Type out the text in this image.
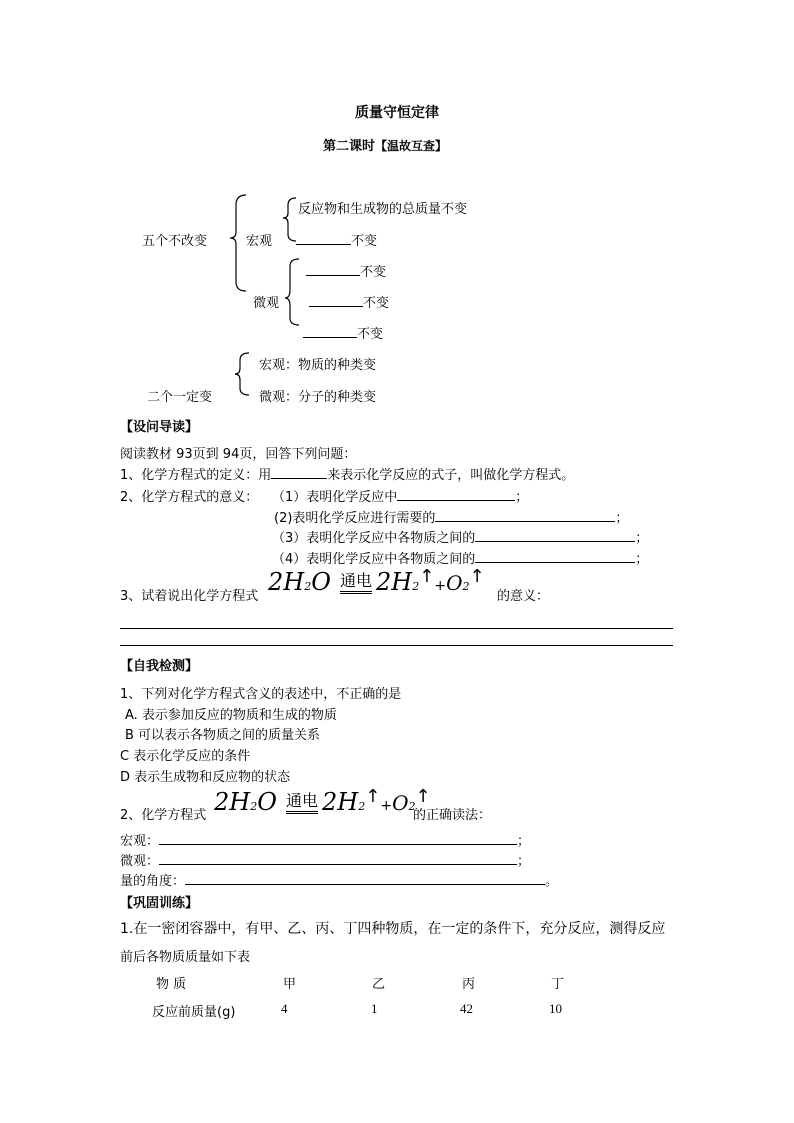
质量守恒定律
第二课时【温故互查】
五个不改变	宏观
反应物和生成物的总质量不变
不变
微观
不变
不变
不变
二个一定变
宏观：物质的种类变
微观：分子的种类变
【设问导读】
阅读教材 93页到 94页，回答下列问题：
1、化学方程式的定义：用	来表示化学反应的式子，叫做化学方程式。
2、化学方程式的意义： （1）表明化学反应中	；
(2)表明化学反应进行需要的	；
（3）表明化学反应中各物质之间的	；
（4）表明化学反应中各物质之间的	；
3、试着说出化学方程式
2H2O 通电 2H2↑+O2↑
的意义：
【自我检测】
1、下列对化学方程式含义的表述中，不正确的是
A. 表示参加反应的物质和生成的物质
B 可以表示各物质之间的质量关系
C 表示化学反应的条件
D 表示生成物和反应物的状态
2、化学方程式 2H2O 通电 2H2↑+O2↑
的正确读法：
宏观：	；
微观：	；
量的角度：	。
【巩固训练】
1.在一密闭容器中，有甲、乙、丙、丁四种物质，在一定的条件下，充分反应，测得反应
前后各物质质量如下表
物 质	甲	乙	丙	丁
反应前质量(g)	4	1	42	10
